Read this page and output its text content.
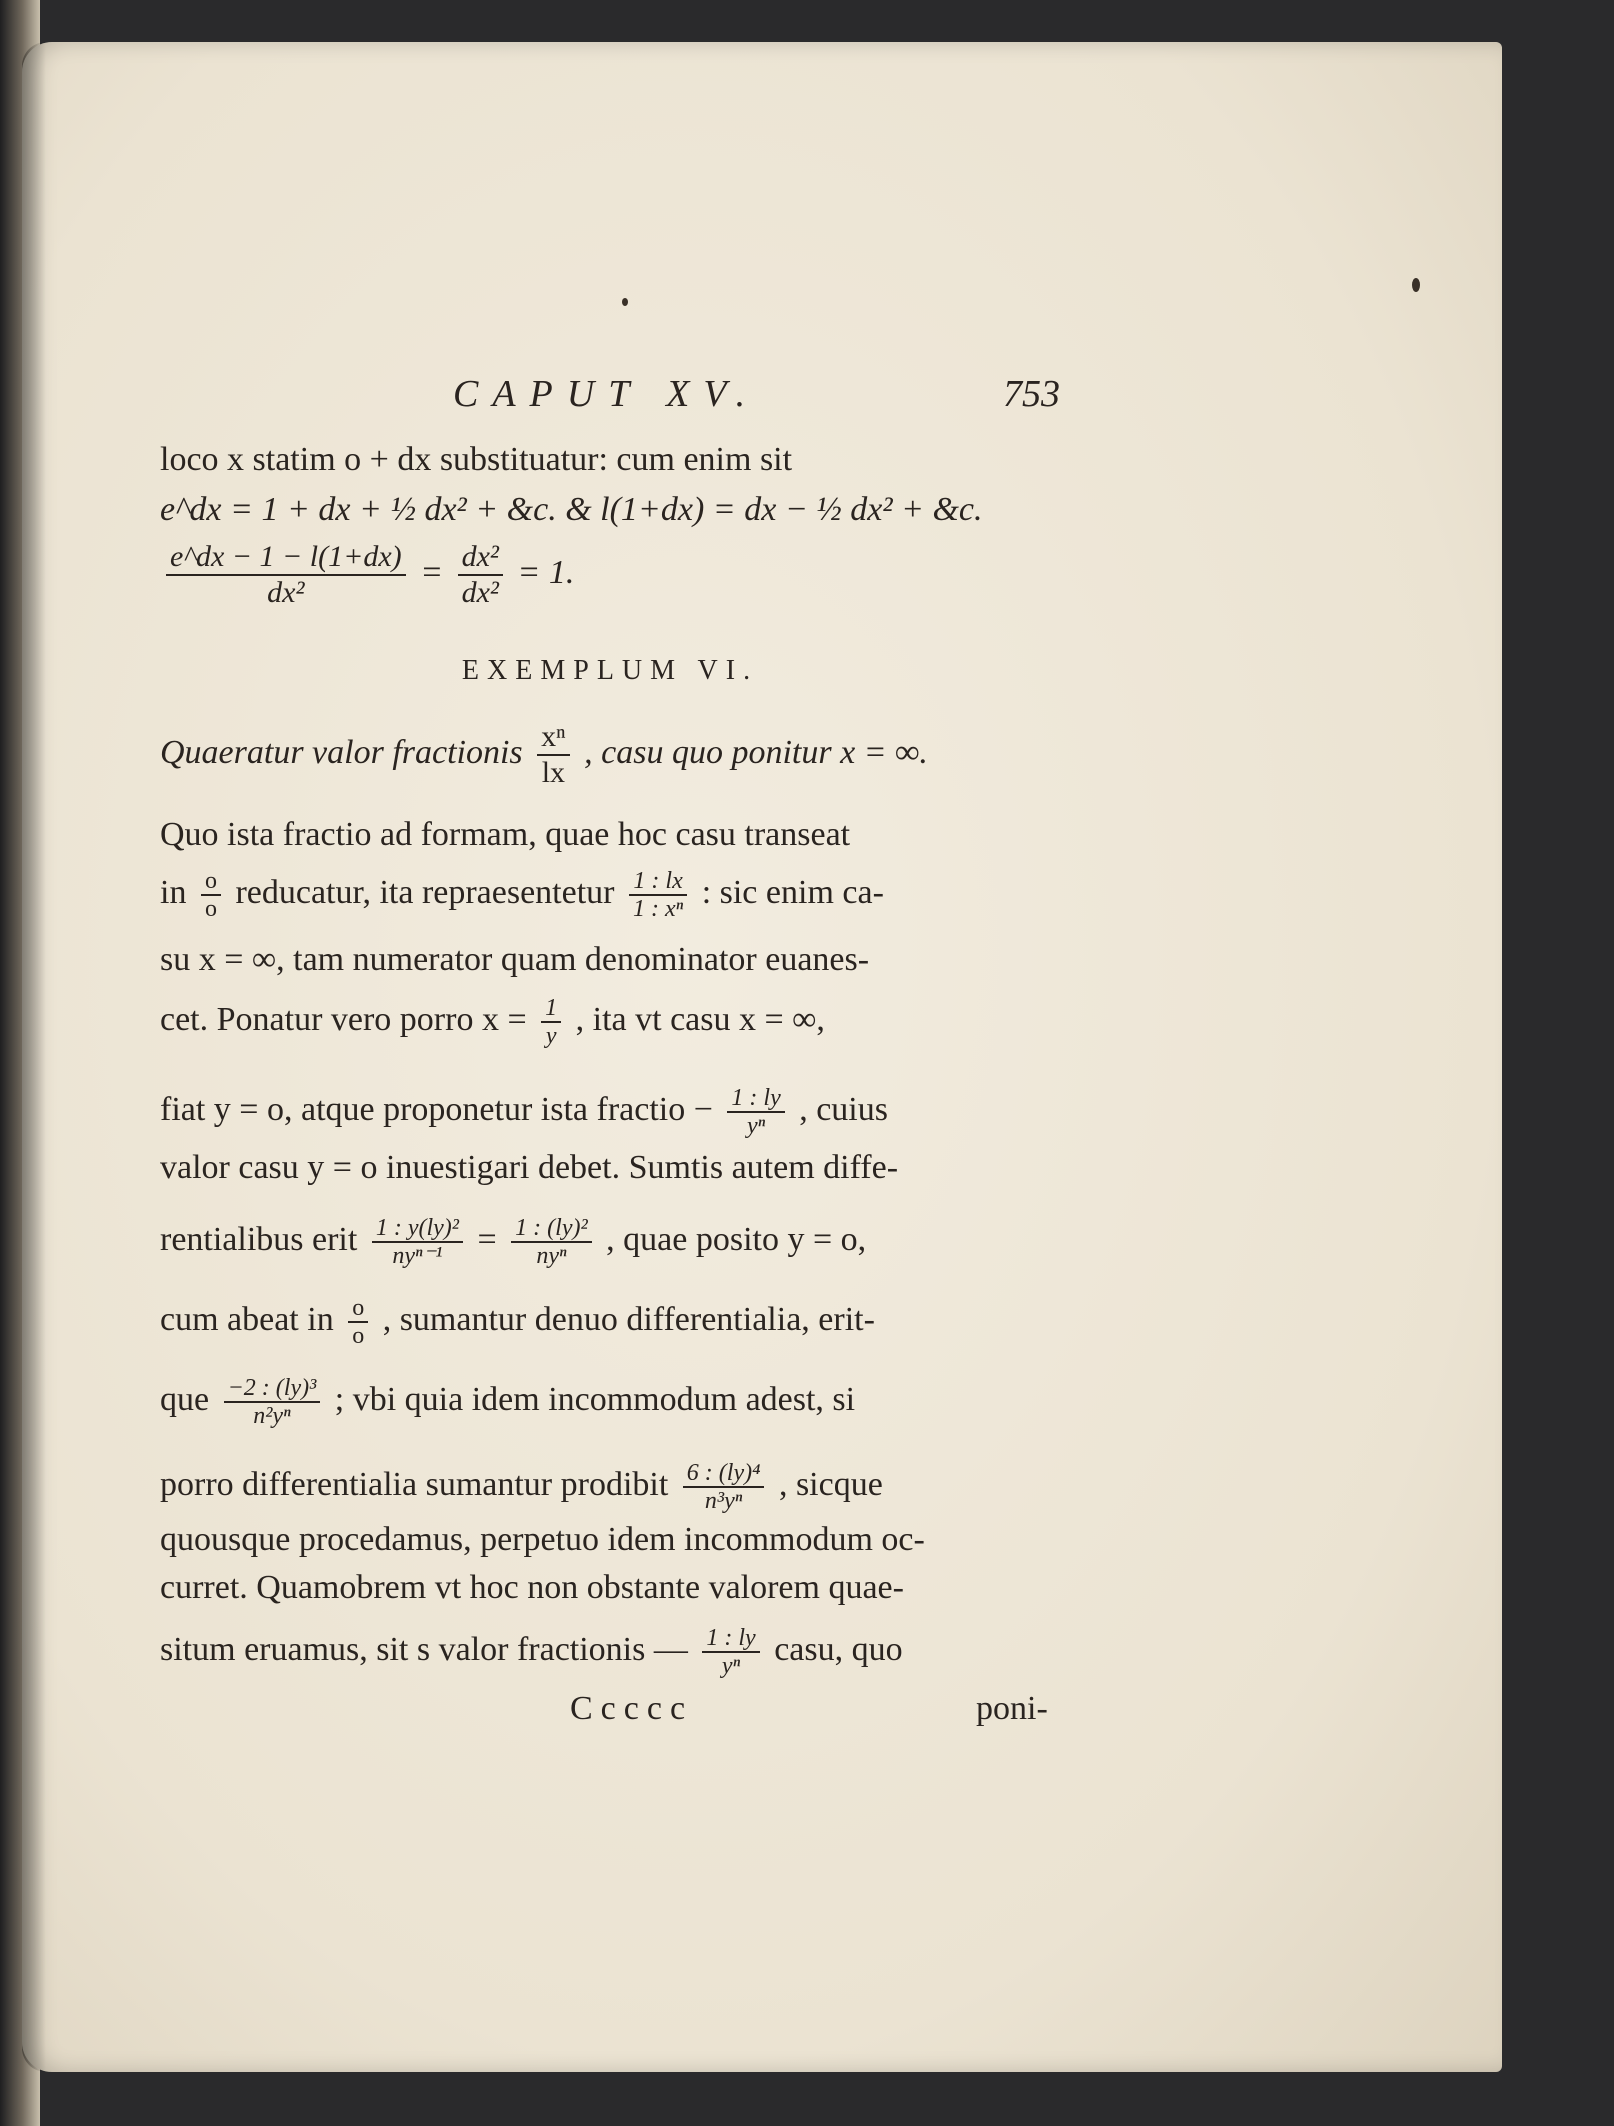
CAPUT XV.	753
loco x statim o + dx substituatur: cum enim sit
e^dx = 1 + dx + ½ dx² + &c. & l(1+dx) = dx − ½ dx² + &c.
$\frac{e\^{}dx - 1 - l(1+dx)}{\text{dx²}} = \frac{\text{dx²}}{\text{dx²}} = 1$.
EXEMPLUM VI.
Quaeratur valor fractionis $\frac{\text{xⁿ}}{lx}$ , casu quo ponitur x = ∞.
Quo ista fractio ad formam, quae hoc casu transeat
in $\frac{o}{o}$ reducatur, ita repraesentetur $\frac{1 : lx}{\text{1 : xⁿ}}$ : sic enim ca-
su x = ∞, tam numerator quam denominator euanes-
cet. Ponatur vero porro $x = \frac{1}{y}$ , ita vt casu x = ∞,
fiat y = o, atque proponetur ista fractio − $\frac{1 : ly}{\text{yⁿ}}$ , cuius
valor casu y = o inuestigari debet. Sumtis autem diffe-
rentialibus erit $\frac{\text{1 : y(ly)²}}{\text{nyⁿ⁻¹}} = \frac{\text{1 : (ly)²}}{\text{nyⁿ}}$ , quae posito y = o,
cum abeat in $\frac{o}{o}$ , sumantur denuo differentialia, erit-
que $\frac{\text{−2 : (ly)³}}{\text{n²yⁿ}}$ ; vbi quia idem incommodum adest, si
porro differentialia sumantur prodibit $\frac{\text{6 : (ly)⁴}}{\text{n³yⁿ}}$ , sicque
quousque procedamus, perpetuo idem incommodum oc-
curret. Quamobrem vt hoc non obstante valorem quae-
situm eruamus, sit s valor fractionis — $\frac{1 : ly}{\text{yⁿ}}$ casu, quo
Ccccc	poni-
